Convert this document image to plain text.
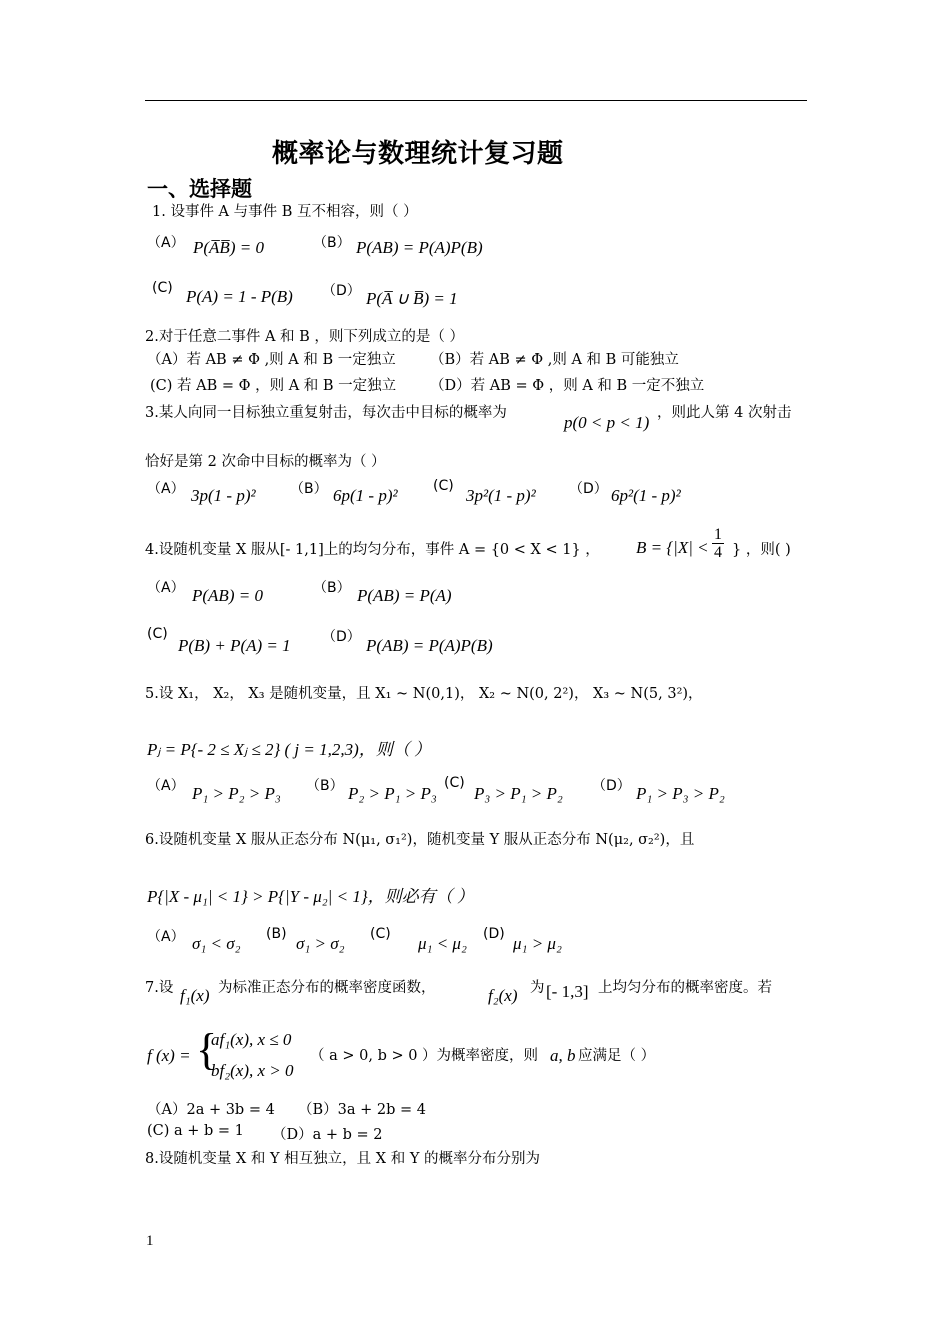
概率论与数理统计复习题
一、选择题
1. 设事件 A 与事件 B 互不相容，则（ ）
（A） P(A̅B̅) = 0	（B） P(AB) = P(A)P(B)
(C) P(A) = 1 - P(B) （D） P(A̅ ∪ B̅) = 1
2.对于任意二事件 A 和 B ，则下列成立的是（ ）
（A）若 AB ≠ Φ ,则 A 和 B 一定独立 （B）若 AB ≠ Φ ,则 A 和 B 可能独立
(C) 若 AB = Φ ，则 A 和 B 一定独立 （D）若 AB = Φ ，则 A 和 B 一定不独立
3.某人向同一目标独立重复射击，每次击中目标的概率为	p(0 < p < 1) ，则此人第 4 次射击
恰好是第 2 次命中目标的概率为（ ）
（A） 3p(1 - p)² （B） 6p(1 - p)²	(C) 3p²(1 - p)² （D） 6p²(1 - p)²
4.设随机变量 X 服从[- 1,1]上的均匀分布，事件 A = {0 < X < 1} ， $B = \{|X| < \frac{1}{4}$ } ，则( )
（A） P(AB) = 0	（B） P(AB) = P(A)
(C)
P(B) + P(A) = 1 （D） P(AB) = P(A)P(B)
5.设 X₁， X₂， X₃ 是随机变量，且 X₁ ~ N(0,1)， X₂ ~ N(0, 2²)， X₃ ~ N(5, 3²)，
Pⱼ = P{- 2 ≤ Xⱼ ≤ 2} ( j = 1,2,3)，则（ ）
（A） P₁ > P₂ > P₃ （B） P₂ > P₁ > P₃
(C)
P₃ > P₁ > P₂ （D） P₁ > P₃ > P₂
6.设随机变量 X 服从正态分布 N(μ₁, σ₁²)，随机变量 Y 服从正态分布 N(μ₂, σ₂²)，且
P{|X - μ₁| < 1} > P{|Y - μ₂| < 1}，则必有（ ）
（A） σ₁ < σ₂ (B) σ₁ > σ₂ (C) μ₁ < μ₂ (D) μ₁ > μ₂
7.设 f₁(x) 为标准正态分布的概率密度函数，	f₂(x) 为 [- 1,3] 上均匀分布的概率密度。若
f (x) = {
af₁(x), x ≤ 0
bf₂(x), x > 0
（ a > 0, b > 0 ）为概率密度，则 a, b 应满足（ ）
（A）2a + 3b = 4 （B）3a + 2b = 4
(C) a + b = 1 （D）a + b = 2
8.设随机变量 X 和 Y 相互独立，且 X 和 Y 的概率分布分别为
1
